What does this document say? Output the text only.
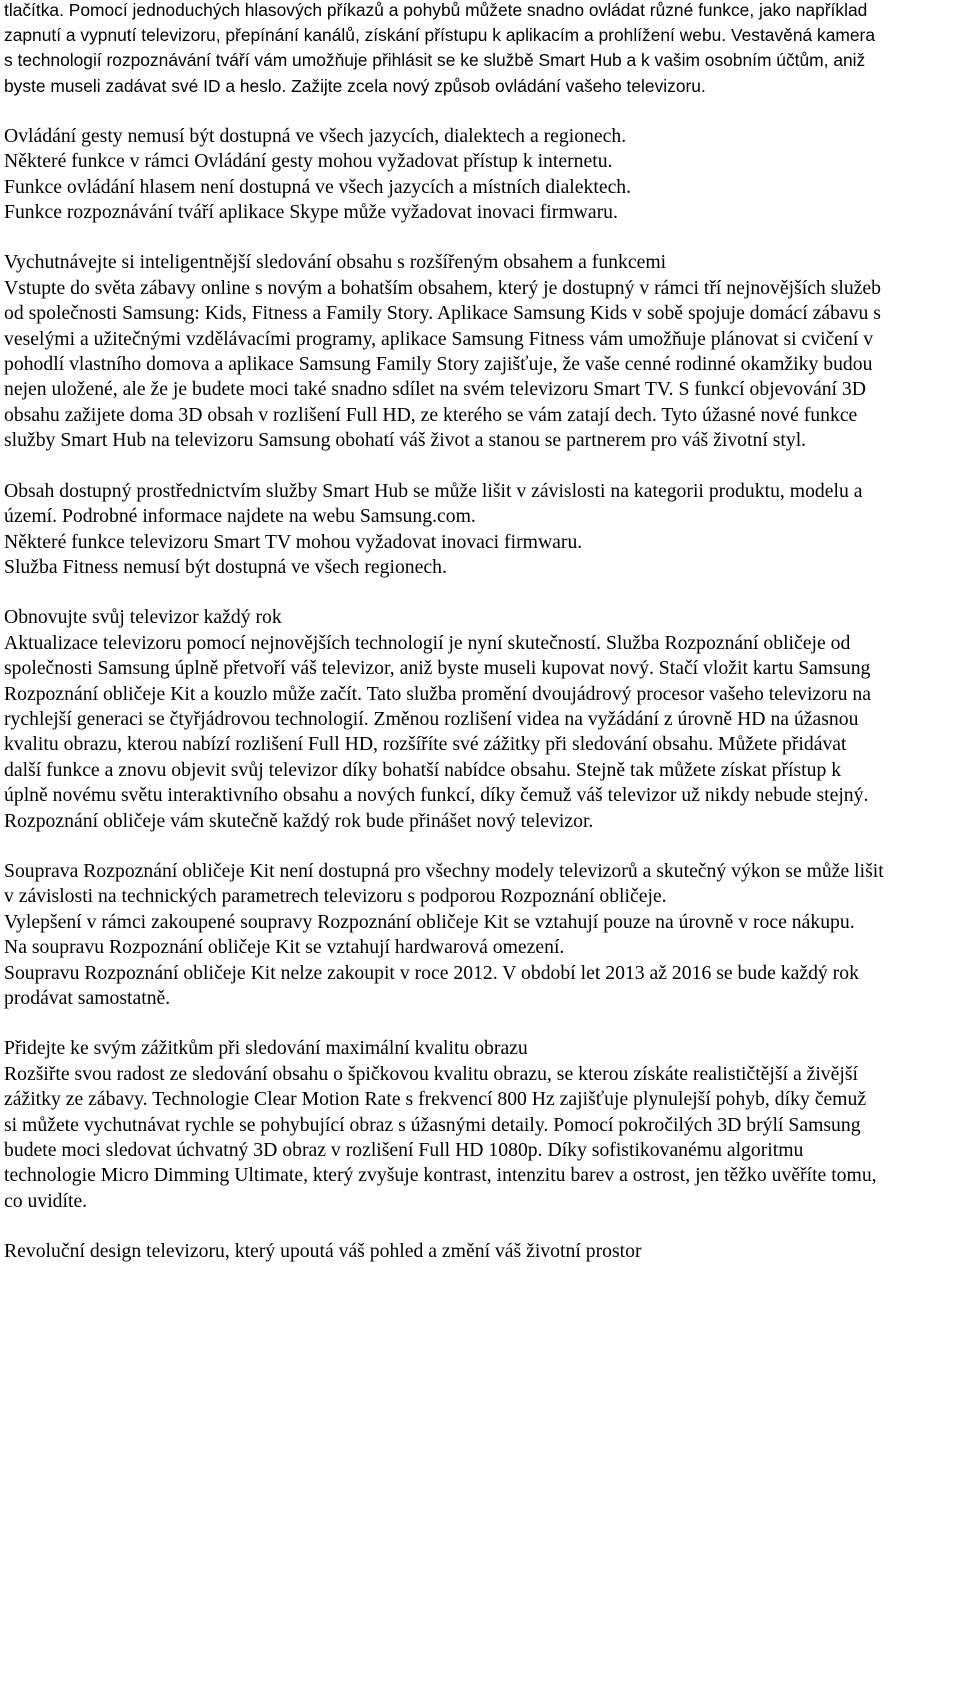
tlačítka. Pomocí jednoduchých hlasových příkazů a pohybů můžete snadno ovládat různé funkce, jako například zapnutí a vypnutí televizoru, přepínání kanálů, získání přístupu k aplikacím a prohlížení webu. Vestavěná kamera s technologií rozpoznávání tváří vám umožňuje přihlásit se ke službě Smart Hub a k vašim osobním účtům, aniž byste museli zadávat své ID a heslo. Zažijte zcela nový způsob ovládání vašeho televizoru.

Ovládání gesty nemusí být dostupná ve všech jazycích, dialektech a regionech.
Některé funkce v rámci Ovládání gesty mohou vyžadovat přístup k internetu.
Funkce ovládání hlasem není dostupná ve všech jazycích a místních dialektech.
Funkce rozpoznávání tváří aplikace Skype může vyžadovat inovaci firmwaru.
Vychutnávejte si inteligentnější sledování obsahu s rozšířeným obsahem a funkcemi

Vstupte do světa zábavy online s novým a bohatším obsahem, který je dostupný v rámci tří nejnovějších služeb od společnosti Samsung: Kids, Fitness a Family Story. Aplikace Samsung Kids v sobě spojuje domácí zábavu s veselými a užitečnými vzdělávacími programy, aplikace Samsung Fitness vám umožňuje plánovat si cvičení v pohodlí vlastního domova a aplikace Samsung Family Story zajišťuje, že vaše cenné rodinné okamžiky budou nejen uložené, ale že je budete moci také snadno sdílet na svém televizoru Smart TV. S funkcí objevování 3D obsahu zažijete doma 3D obsah v rozlišení Full HD, ze kterého se vám zatají dech. Tyto úžasné nové funkce služby Smart Hub na televizoru Samsung obohatí váš život a stanou se partnerem pro váš životní styl.

Obsah dostupný prostřednictvím služby Smart Hub se může lišit v závislosti na kategorii produktu, modelu a území. Podrobné informace najdete na webu Samsung.com.

Některé funkce televizoru Smart TV mohou vyžadovat inovaci firmwaru.
Služba Fitness nemusí být dostupná ve všech regionech.
Obnovujte svůj televizor každý rok

Aktualizace televizoru pomocí nejnovějších technologií je nyní skutečností. Služba Rozpoznání obličeje od společnosti Samsung úplně přetvoří váš televizor, aniž byste museli kupovat nový. Stačí vložit kartu Samsung Rozpoznání obličeje Kit a kouzlo může začít. Tato služba promění dvoujádrový procesor vašeho televizoru na rychlejší generaci se čtyřjádrovou technologií. Změnou rozlišení videa na vyžádání z úrovně HD na úžasnou kvalitu obrazu, kterou nabízí rozlišení Full HD, rozšíříte své zážitky při sledování obsahu. Můžete přidávat další funkce a znovu objevit svůj televizor díky bohatší nabídce obsahu. Stejně tak můžete získat přístup k úplně novému světu interaktivního obsahu a nových funkcí, díky čemuž váš televizor už nikdy nebude stejný. Rozpoznání obličeje vám skutečně každý rok bude přinášet nový televizor.

Souprava Rozpoznání obličeje Kit není dostupná pro všechny modely televizorů a skutečný výkon se může lišit v závislosti na technických parametrech televizoru s podporou Rozpoznání obličeje.

Vylepšení v rámci zakoupené soupravy Rozpoznání obličeje Kit se vztahují pouze na úrovně v roce nákupu.

Na soupravu Rozpoznání obličeje Kit se vztahují hardwarová omezení.

Soupravu Rozpoznání obličeje Kit nelze zakoupit v roce 2012. V období let 2013 až 2016 se bude každý rok prodávat samostatně.

Přidejte ke svým zážitkům při sledování maximální kvalitu obrazu

Rozšiřte svou radost ze sledování obsahu o špičkovou kvalitu obrazu, se kterou získáte realističtější a živější zážitky ze zábavy. Technologie Clear Motion Rate s frekvencí 800 Hz zajišťuje plynulejší pohyb, díky čemuž si můžete vychutnávat rychle se pohybující obraz s úžasnými detaily. Pomocí pokročilých 3D brýlí Samsung budete moci sledovat úchvatný 3D obraz v rozlišení Full HD 1080p. Díky sofistikovanému algoritmu technologie Micro Dimming Ultimate, který zvyšuje kontrast, intenzitu barev a ostrost, jen těžko uvěříte tomu, co uvidíte.

Revoluční design televizoru, který upoutá váš pohled a změní váš životní prostor
